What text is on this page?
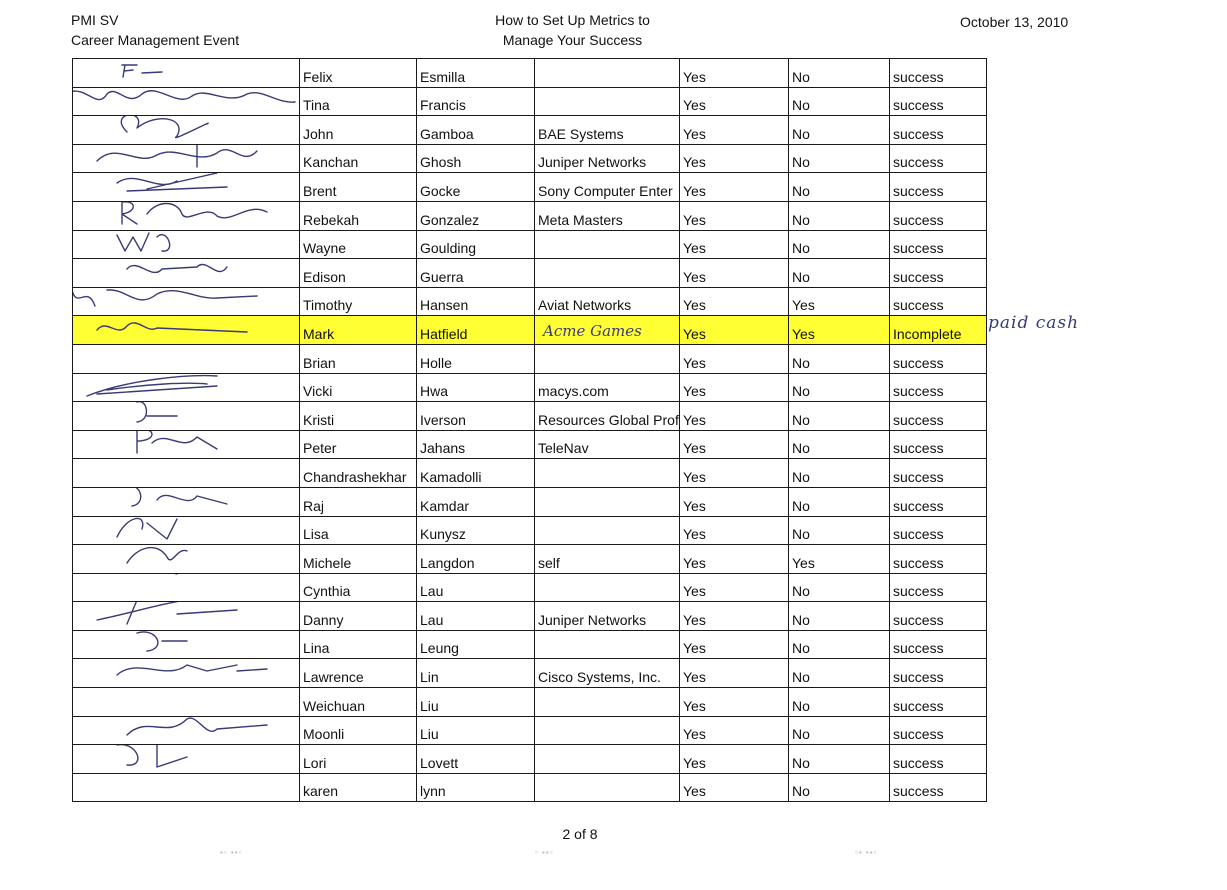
PMI SV
Career Management Event
How to Set Up Metrics to
Manage Your Success
October 13, 2010
	Felix	Esmilla		Yes	No	success

	Tina	Francis		Yes	No	success

	John	Gamboa	BAE Systems	Yes	No	success

	Kanchan	Ghosh	Juniper Networks	Yes	No	success

	Brent	Gocke	Sony Computer Enter	Yes	No	success

	Rebekah	Gonzalez	Meta Masters	Yes	No	success

	Wayne	Goulding		Yes	No	success

	Edison	Guerra		Yes	No	success

	Timothy	Hansen	Aviat Networks	Yes	Yes	success

	Mark	Hatfield	Acme Games	Yes	Yes	Incomplete
	Brian	Holle		Yes	No	success

	Vicki	Hwa	macys.com	Yes	No	success

	Kristi	Iverson	Resources Global Prof	Yes	No	success

	Peter	Jahans	TeleNav	Yes	No	success
	Chandrashekhar	Kamadolli		Yes	No	success

	Raj	Kamdar		Yes	No	success

	Lisa	Kunysz		Yes	No	success

	Michele	Langdon	self	Yes	Yes	success

	Cynthia	Lau		Yes	No	success

	Danny	Lau	Juniper Networks	Yes	No	success

	Lina	Leung		Yes	No	success

	Lawrence	Lin	Cisco Systems, Inc.	Yes	No	success
	Weichuan	Liu		Yes	No	success

	Moonli	Liu		Yes	No	success

	Lori	Lovett		Yes	No	success
	karen	lynn		Yes	No	success
paid cash
2 of 8
▪▫ ▪▪▫	▫ ▪▪▫	▫▪ ▪▪▫
